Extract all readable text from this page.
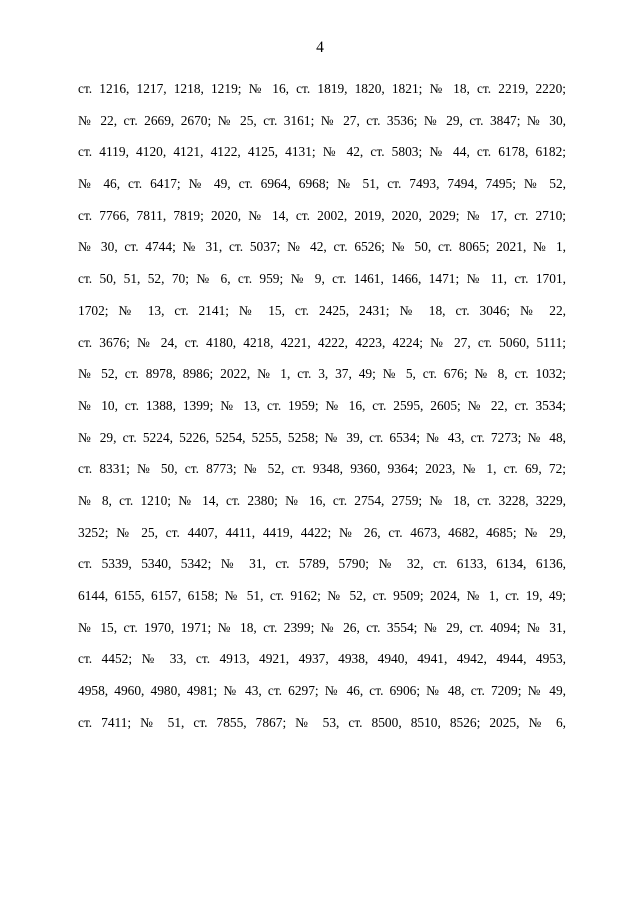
4
ст. 1216, 1217, 1218, 1219; № 16, ст. 1819, 1820, 1821; № 18, ст. 2219, 2220;
№ 22, ст. 2669, 2670; № 25, ст. 3161; № 27, ст. 3536; № 29, ст. 3847; № 30,
ст. 4119, 4120, 4121, 4122, 4125, 4131; № 42, ст. 5803; № 44, ст. 6178, 6182;
№ 46, ст. 6417; № 49, ст. 6964, 6968; № 51, ст. 7493, 7494, 7495; № 52,
ст. 7766, 7811, 7819; 2020, № 14, ст. 2002, 2019, 2020, 2029; № 17, ст. 2710;
№ 30, ст. 4744; № 31, ст. 5037; № 42, ст. 6526; № 50, ст. 8065; 2021, № 1,
ст. 50, 51, 52, 70; № 6, ст. 959; № 9, ст. 1461, 1466, 1471; № 11, ст. 1701,
1702; № 13, ст. 2141; № 15, ст. 2425, 2431; № 18, ст. 3046; № 22,
ст. 3676; № 24, ст. 4180, 4218, 4221, 4222, 4223, 4224; № 27, ст. 5060, 5111;
№ 52, ст. 8978, 8986; 2022, № 1, ст. 3, 37, 49; № 5, ст. 676; № 8, ст. 1032;
№ 10, ст. 1388, 1399; № 13, ст. 1959; № 16, ст. 2595, 2605; № 22, ст. 3534;
№ 29, ст. 5224, 5226, 5254, 5255, 5258; № 39, ст. 6534; № 43, ст. 7273; № 48,
ст. 8331; № 50, ст. 8773; № 52, ст. 9348, 9360, 9364; 2023, № 1, ст. 69, 72;
№ 8, ст. 1210; № 14, ст. 2380; № 16, ст. 2754, 2759; № 18, ст. 3228, 3229,
3252; № 25, ст. 4407, 4411, 4419, 4422; № 26, ст. 4673, 4682, 4685; № 29,
ст. 5339, 5340, 5342; № 31, ст. 5789, 5790; № 32, ст. 6133, 6134, 6136,
6144, 6155, 6157, 6158; № 51, ст. 9162; № 52, ст. 9509; 2024, № 1, ст. 19, 49;
№ 15, ст. 1970, 1971; № 18, ст. 2399; № 26, ст. 3554; № 29, ст. 4094; № 31,
ст. 4452; № 33, ст. 4913, 4921, 4937, 4938, 4940, 4941, 4942, 4944, 4953,
4958, 4960, 4980, 4981; № 43, ст. 6297; № 46, ст. 6906; № 48, ст. 7209; № 49,
ст. 7411; № 51, ст. 7855, 7867; № 53, ст. 8500, 8510, 8526; 2025, № 6,
